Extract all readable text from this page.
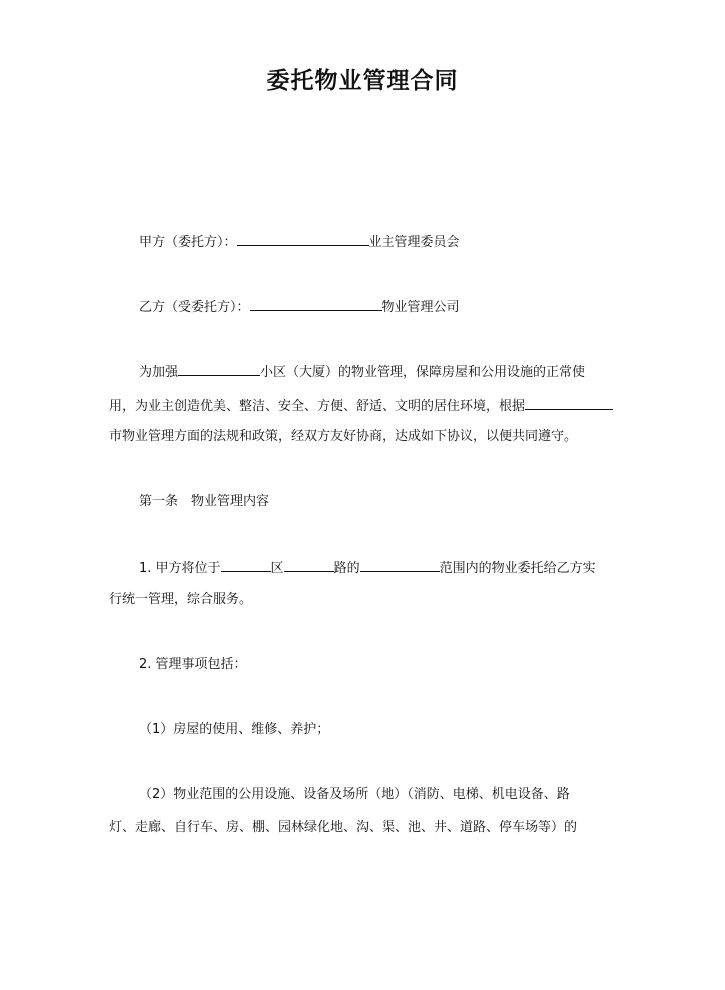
委托物业管理合同
甲方（委托方）：	业主管理委员会
乙方（受委托方）：	物业管理公司
为加强	小区（大厦）的物业管理，保障房屋和公用设施的正常使
用，为业主创造优美、整洁、安全、方便、舒适、文明的居住环境，根据
市物业管理方面的法规和政策，经双方友好协商，达成如下协议，以便共同遵守。
第一条　物业管理内容
1. 甲方将位于	区	路的	范围内的物业委托给乙方实
行统一管理，综合服务。
2. 管理事项包括：
（1）房屋的使用、维修、养护；
（2）物业范围的公用设施、设备及场所（地）（消防、电梯、机电设备、路
灯、走廊、自行车、房、棚、园林绿化地、沟、渠、池、井、道路、停车场等）的
